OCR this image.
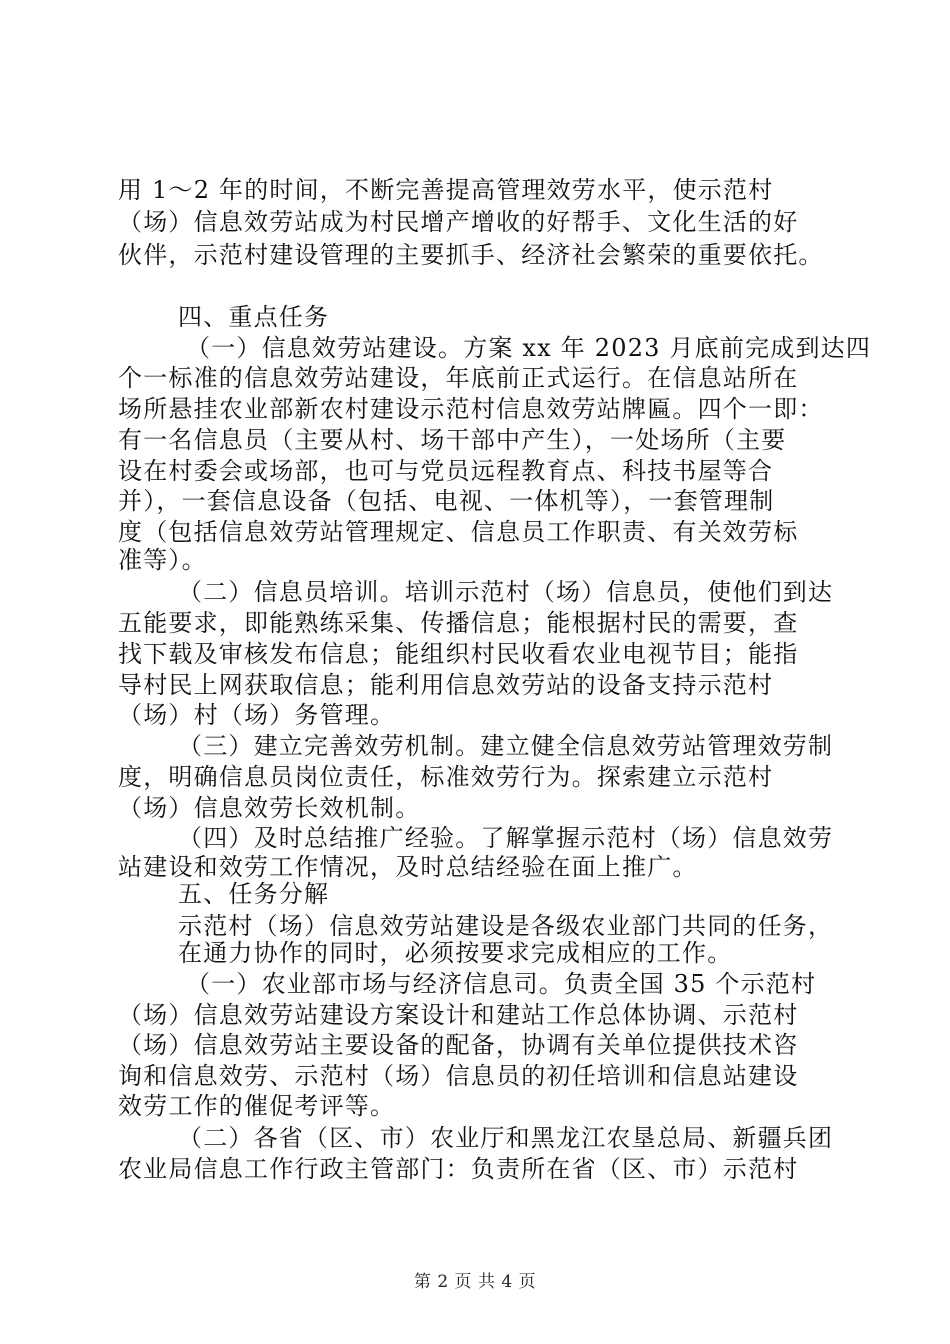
用 1～2 年的时间，不断完善提高管理效劳水平，使示范村
（场）信息效劳站成为村民增产增收的好帮手、文化生活的好
伙伴，示范村建设管理的主要抓手、经济社会繁荣的重要依托。
四、重点任务
（一）信息效劳站建设。方案 xx 年 2023 月底前完成到达四
个一标准的信息效劳站建设，年底前正式运行。在信息站所在
场所悬挂农业部新农村建设示范村信息效劳站牌匾。四个一即：
有一名信息员（主要从村、场干部中产生），一处场所（主要
设在村委会或场部，也可与党员远程教育点、科技书屋等合
并），一套信息设备（包括、电视、一体机等），一套管理制
度（包括信息效劳站管理规定、信息员工作职责、有关效劳标
准等）。
（二）信息员培训。培训示范村（场）信息员，使他们到达
五能要求，即能熟练采集、传播信息；能根据村民的需要，查
找下载及审核发布信息；能组织村民收看农业电视节目；能指
导村民上网获取信息；能利用信息效劳站的设备支持示范村
（场）村（场）务管理。
（三）建立完善效劳机制。建立健全信息效劳站管理效劳制
度，明确信息员岗位责任，标准效劳行为。探索建立示范村
（场）信息效劳长效机制。
（四）及时总结推广经验。了解掌握示范村（场）信息效劳
站建设和效劳工作情况，及时总结经验在面上推广。
五、任务分解
示范村（场）信息效劳站建设是各级农业部门共同的任务，
在通力协作的同时，必须按要求完成相应的工作。
（一）农业部市场与经济信息司。负责全国 35 个示范村
（场）信息效劳站建设方案设计和建站工作总体协调、示范村
（场）信息效劳站主要设备的配备，协调有关单位提供技术咨
询和信息效劳、示范村（场）信息员的初任培训和信息站建设
效劳工作的催促考评等。
（二）各省（区、市）农业厅和黑龙江农垦总局、新疆兵团
农业局信息工作行政主管部门：负责所在省（区、市）示范村
第 2 页 共 4 页
